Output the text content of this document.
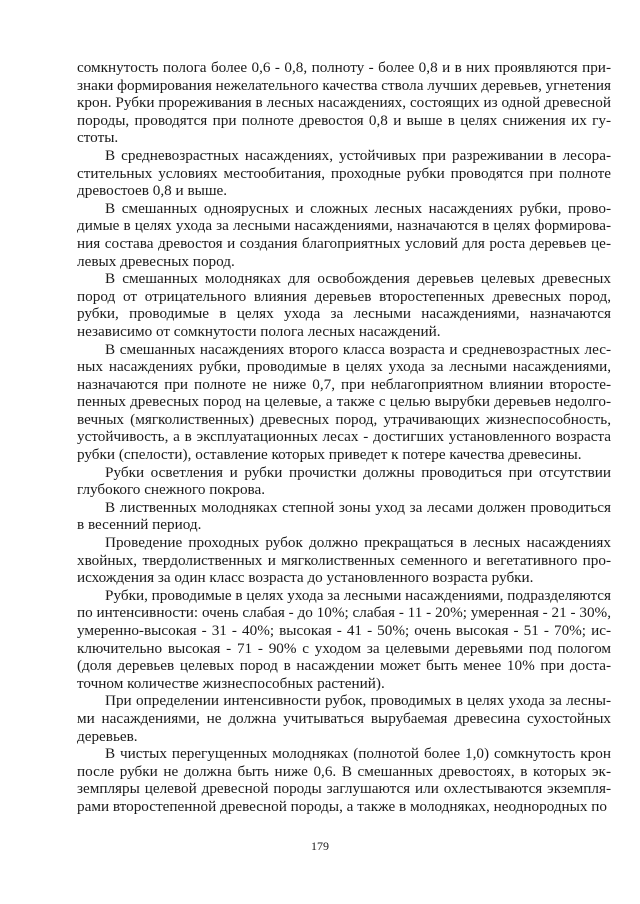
сомкнутость полога более 0,6 - 0,8, полноту - более 0,8 и в них проявляются признаки формирования нежелательного качества ствола лучших деревьев, угнетения крон. Рубки прореживания в лесных насаждениях, состоящих из одной древесной породы, проводятся при полноте древостоя 0,8 и выше в целях снижения их густоты.

В средневозрастных насаждениях, устойчивых при разреживании в лесорастительных условиях местообитания, проходные рубки проводятся при полноте древостоев 0,8 и выше.

В смешанных одноярусных и сложных лесных насаждениях рубки, проводимые в целях ухода за лесными насаждениями, назначаются в целях формирования состава древостоя и создания благоприятных условий для роста деревьев целевых древесных пород.

В смешанных молодняках для освобождения деревьев целевых древесных пород от отрицательного влияния деревьев второстепенных древесных пород, рубки, проводимые в целях ухода за лесными насаждениями, назначаются независимо от сомкнутости полога лесных насаждений.

В смешанных насаждениях второго класса возраста и средневозрастных лесных насаждениях рубки, проводимые в целях ухода за лесными насаждениями, назначаются при полноте не ниже 0,7, при неблагоприятном влиянии второстепенных древесных пород на целевые, а также с целью вырубки деревьев недолговечных (мягколиственных) древесных пород, утрачивающих жизнеспособность, устойчивость, а в эксплуатационных лесах - достигших установленного возраста рубки (спелости), оставление которых приведет к потере качества древесины.

Рубки осветления и рубки прочистки должны проводиться при отсутствии глубокого снежного покрова.

В лиственных молодняках степной зоны уход за лесами должен проводиться в весенний период.

Проведение проходных рубок должно прекращаться в лесных насаждениях хвойных, твердолиственных и мягколиственных семенного и вегетативного происхождения за один класс возраста до установленного возраста рубки.

Рубки, проводимые в целях ухода за лесными насаждениями, подразделяются по интенсивности: очень слабая - до 10%; слабая - 11 - 20%; умеренная - 21 - 30%, умеренно-высокая - 31 - 40%; высокая - 41 - 50%; очень высокая - 51 - 70%; исключительно высокая - 71 - 90% с уходом за целевыми деревьями под пологом (доля деревьев целевых пород в насаждении может быть менее 10% при достаточном количестве жизнеспособных растений).

При определении интенсивности рубок, проводимых в целях ухода за лесными насаждениями, не должна учитываться вырубаемая древесина сухостойных деревьев.

В чистых перегущенных молодняках (полнотой более 1,0) сомкнутость крон после рубки не должна быть ниже 0,6. В смешанных древостоях, в которых экземпляры целевой древесной породы заглушаются или охлестываются экземплярами второстепенной древесной породы, а также в молодняках, неоднородных по

179
